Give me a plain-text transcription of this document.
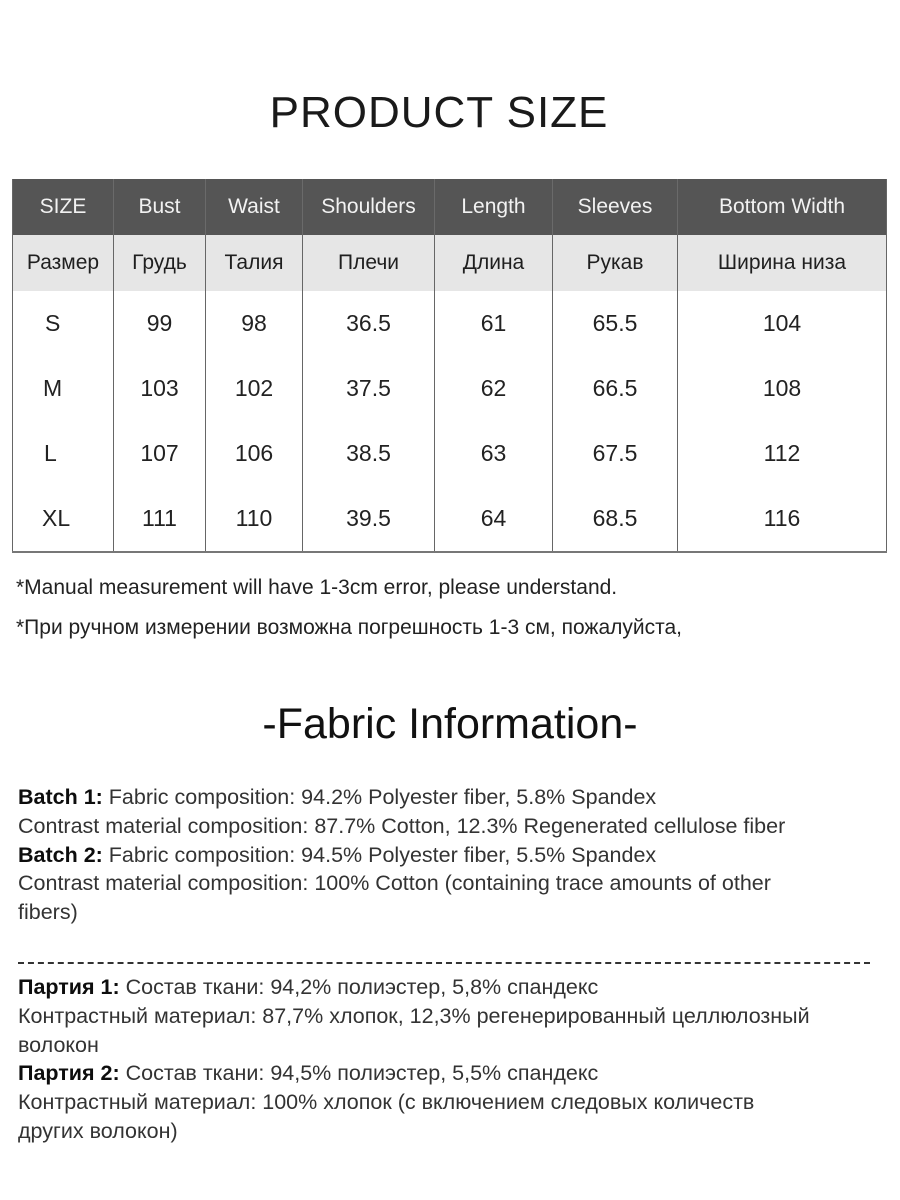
PRODUCT SIZE
SIZE	Bust	Waist	Shoulders	Length	Sleeves	Bottom Width
Размер	Грудь	Талия	Плечи	Длина	Рукав	Ширина низа
S	99	98	36.5	61	65.5	104
M	103	102	37.5	62	66.5	108
L	107	106	38.5	63	67.5	112
XL	111	110	39.5	64	68.5	116
*Manual measurement will have 1-3cm error, please understand.
*При ручном измерении возможна погрешность 1-3 см, пожалуйста,
-Fabric Information-
Batch 1: Fabric composition: 94.2% Polyester fiber, 5.8% Spandex
Contrast material composition: 87.7% Cotton, 12.3% Regenerated cellulose fiber
Batch 2: Fabric composition: 94.5% Polyester fiber, 5.5% Spandex
Contrast material composition: 100% Cotton (containing trace amounts of other fibers)
Партия 1: Состав ткани: 94,2% полиэстер, 5,8% спандекс
Контрастный материал: 87,7% хлопок, 12,3% регенерированный целлюлозный волокон
Партия 2: Состав ткани: 94,5% полиэстер, 5,5% спандекс
Контрастный материал: 100% хлопок (с включением следовых количеств других волокон)
